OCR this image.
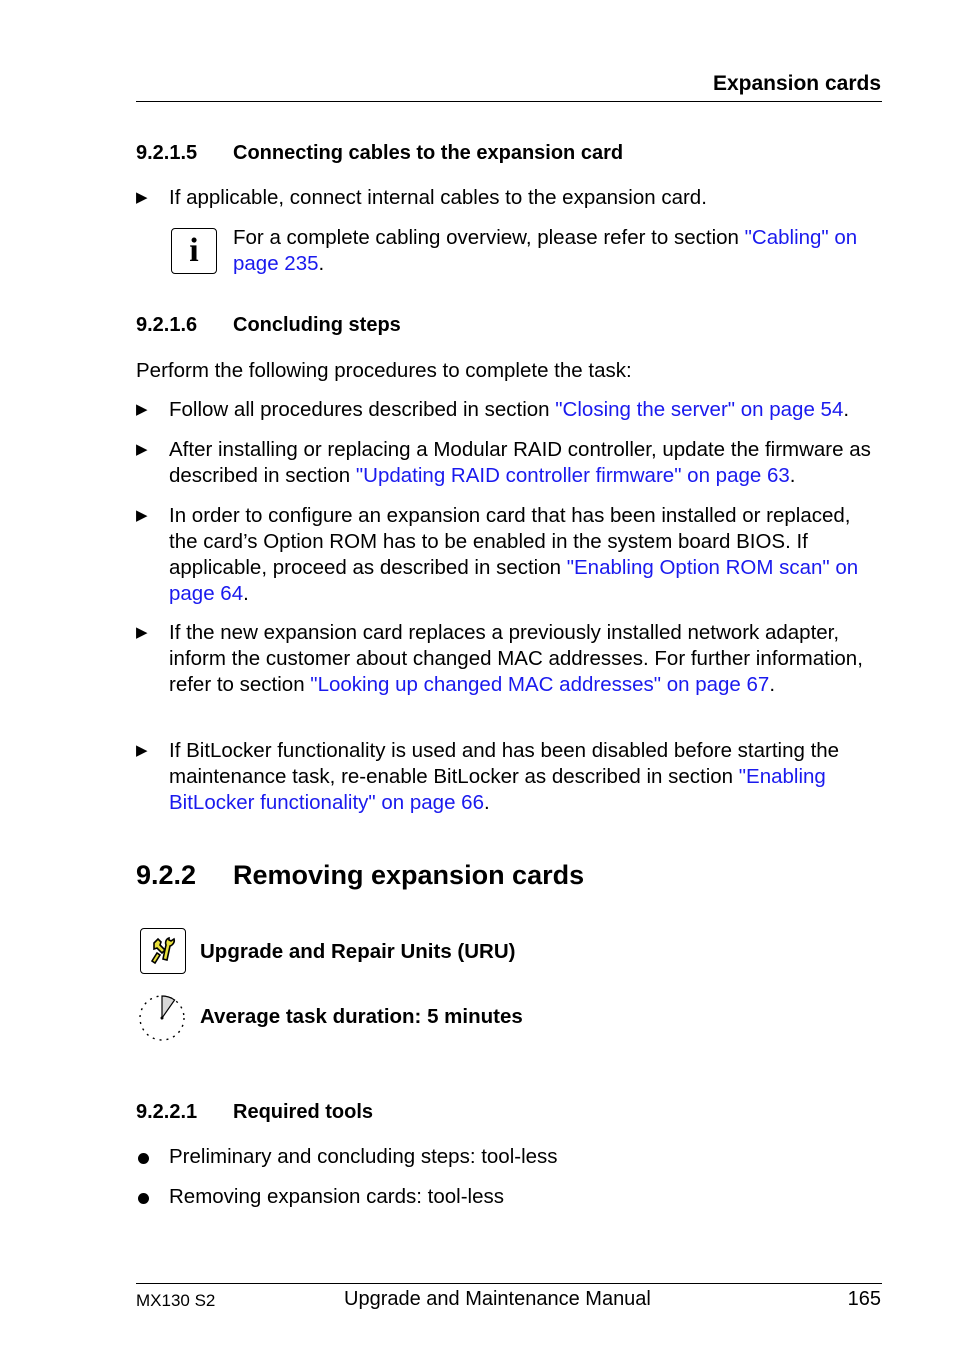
Expansion cards
9.2.1.5 Connecting cables to the expansion card
▶ If applicable, connect internal cables to the expansion card.
i	For a complete cabling overview, please refer to section "Cabling" on
page 235.
9.2.1.6 Concluding steps
Perform the following procedures to complete the task:
▶ Follow all procedures described in section "Closing the server" on page 54.
▶ After installing or replacing a Modular RAID controller, update the firmware as described in section "Updating RAID controller firmware" on page 63.
▶ In order to configure an expansion card that has been installed or replaced, the card’s Option ROM has to be enabled in the system board BIOS. If applicable, proceed as described in section "Enabling Option ROM scan" on page 64.
▶ If the new expansion card replaces a previously installed network adapter, inform the customer about changed MAC addresses. For further information, refer to section "Looking up changed MAC addresses" on page 67.
▶ If BitLocker functionality is used and has been disabled before starting the maintenance task, re-enable BitLocker as described in section "Enabling BitLocker functionality" on page 66.
9.2.2 Removing expansion cards
Upgrade and Repair Units (URU)
Average task duration: 5 minutes
9.2.2.1 Required tools
Preliminary and concluding steps: tool-less
Removing expansion cards: tool-less
MX130 S2	Upgrade and Maintenance Manual	165
